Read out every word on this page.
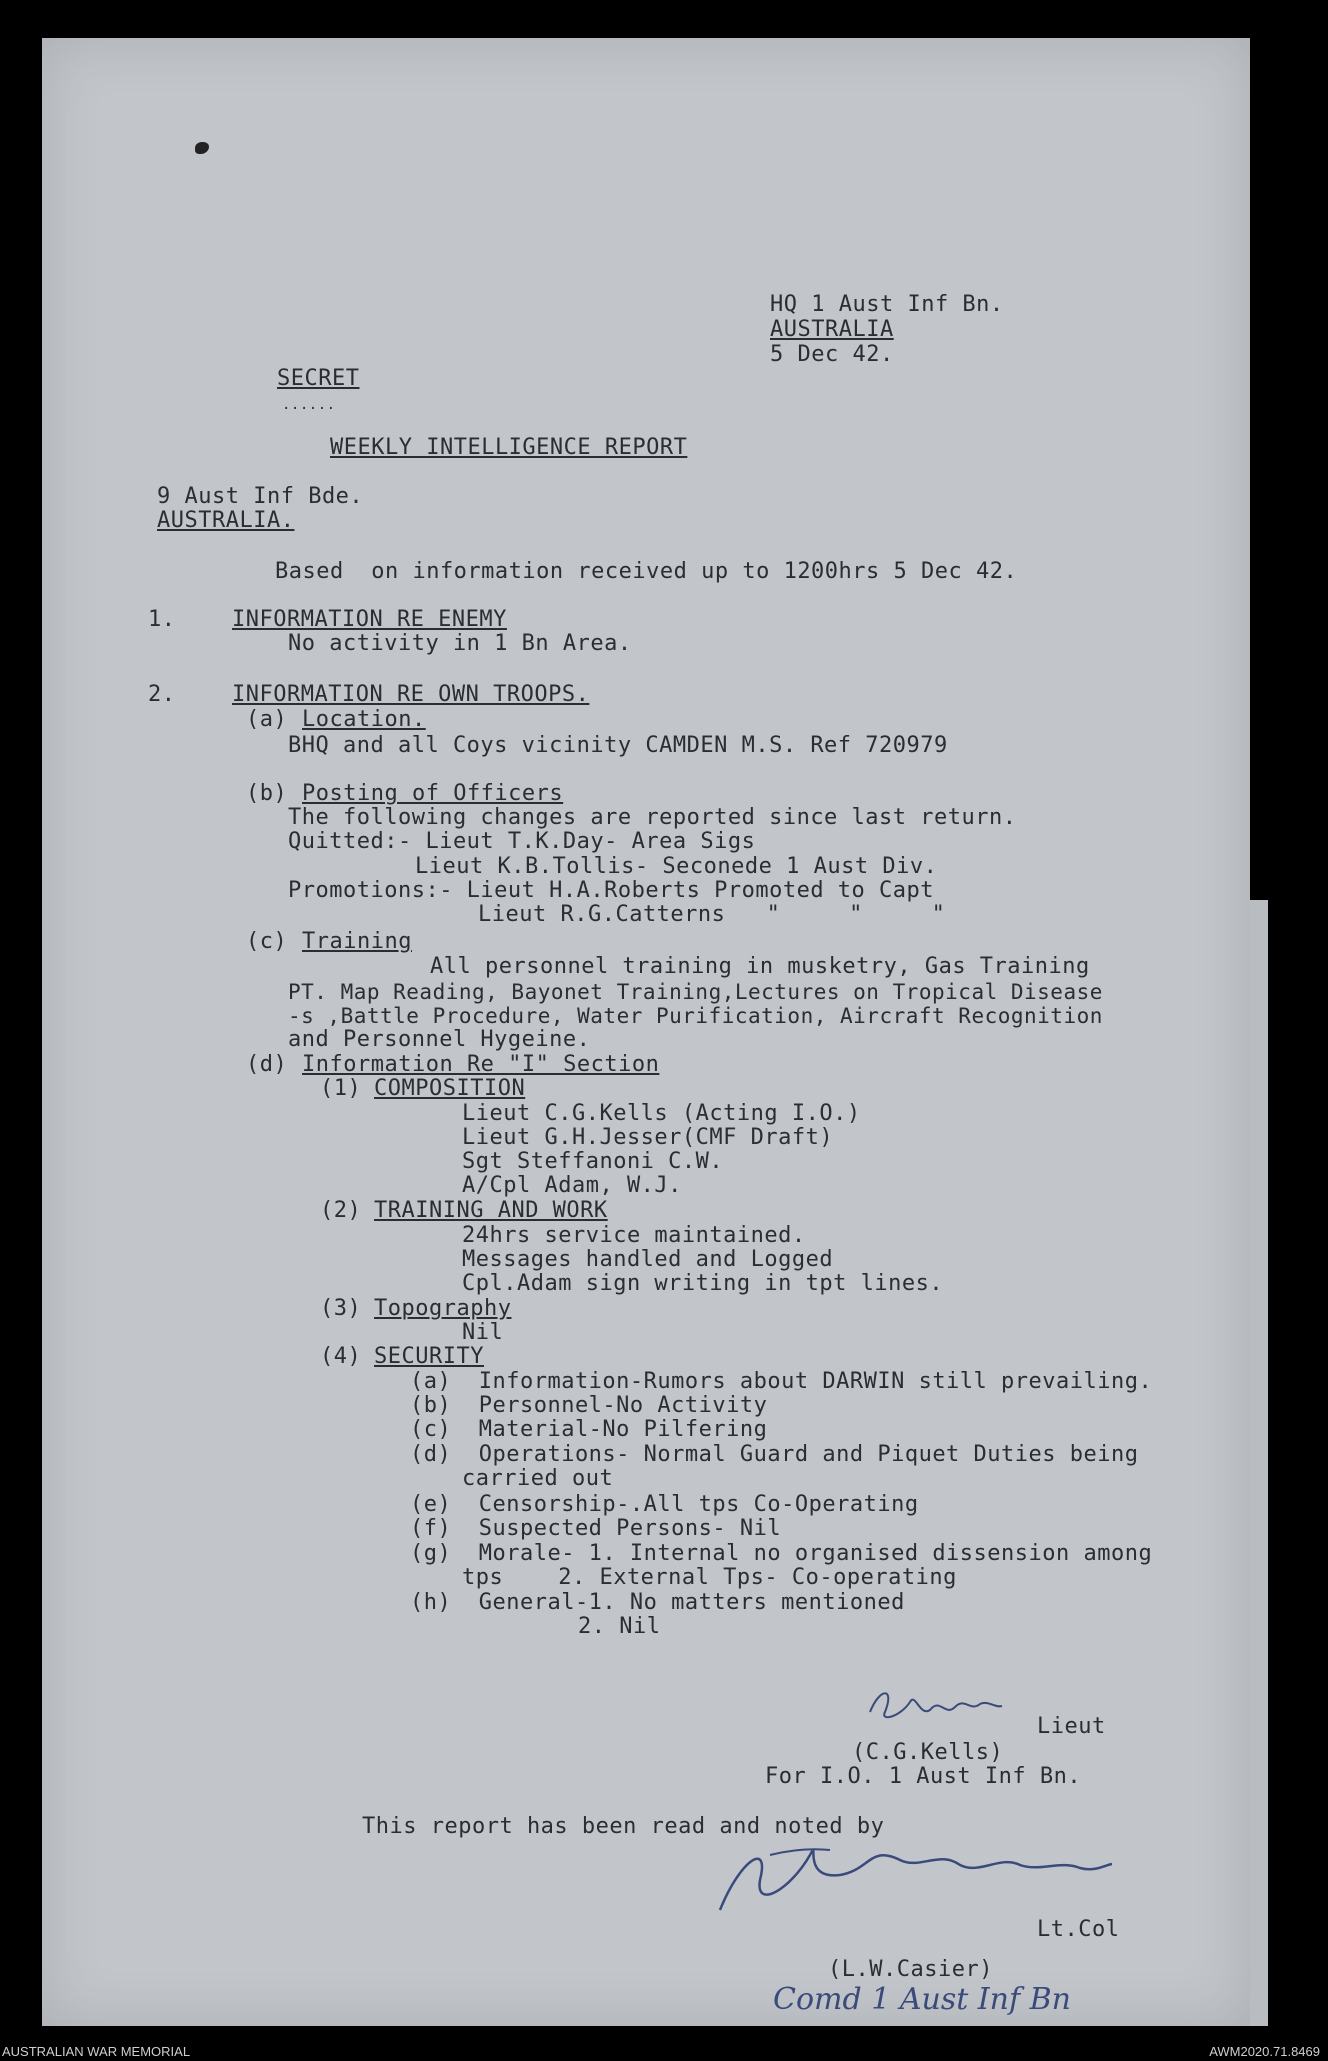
HQ 1 Aust Inf Bn.
AUSTRALIA
5 Dec 42.
SECRET
......
WEEKLY INTELLIGENCE REPORT
9 Aust Inf Bde.
AUSTRALIA.
Based  on information received up to 1200hrs 5 Dec 42.
1.	INFORMATION RE ENEMY
No activity in 1 Bn Area.
2.	INFORMATION RE OWN TROOPS.
(a) Location.
BHQ and all Coys vicinity CAMDEN M.S. Ref 720979
(b) Posting of Officers
The following changes are reported since last return.
Quitted:- Lieut T.K.Day- Area Sigs
Lieut K.B.Tollis- Seconede 1 Aust Div.
Promotions:- Lieut H.A.Roberts Promoted to Capt
Lieut R.G.Catterns   "     "     "
(c) Training
All personnel training in musketry, Gas Training
PT. Map Reading, Bayonet Training,Lectures on Tropical Disease
-s ,Battle Procedure, Water Purification, Aircraft Recognition
and Personnel Hygeine.
(d) Information Re "I" Section
(1) COMPOSITION
Lieut C.G.Kells (Acting I.O.)
Lieut G.H.Jesser(CMF Draft)
Sgt Steffanoni C.W.
A/Cpl Adam, W.J.
(2) TRAINING AND WORK
24hrs service maintained.
Messages handled and Logged
Cpl.Adam sign writing in tpt lines.
(3) Topography
Nil
(4) SECURITY
(a)  Information-Rumors about DARWIN still prevailing.
(b)  Personnel-No Activity
(c)  Material-No Pilfering
(d)  Operations- Normal Guard and Piquet Duties being
carried out
(e)  Censorship-.All tps Co-Operating
(f)  Suspected Persons- Nil
(g)  Morale- 1. Internal no organised dissension among
tps    2. External Tps- Co-operating
(h)  General-1. No matters mentioned
2. Nil
Lieut
(C.G.Kells)
For I.O. 1 Aust Inf Bn.
This report has been read and noted by
Lt.Col
(L.W.Casier)
Comd 1 Aust Inf Bn
AUSTRALIAN WAR MEMORIAL	AWM2020.71.8469
